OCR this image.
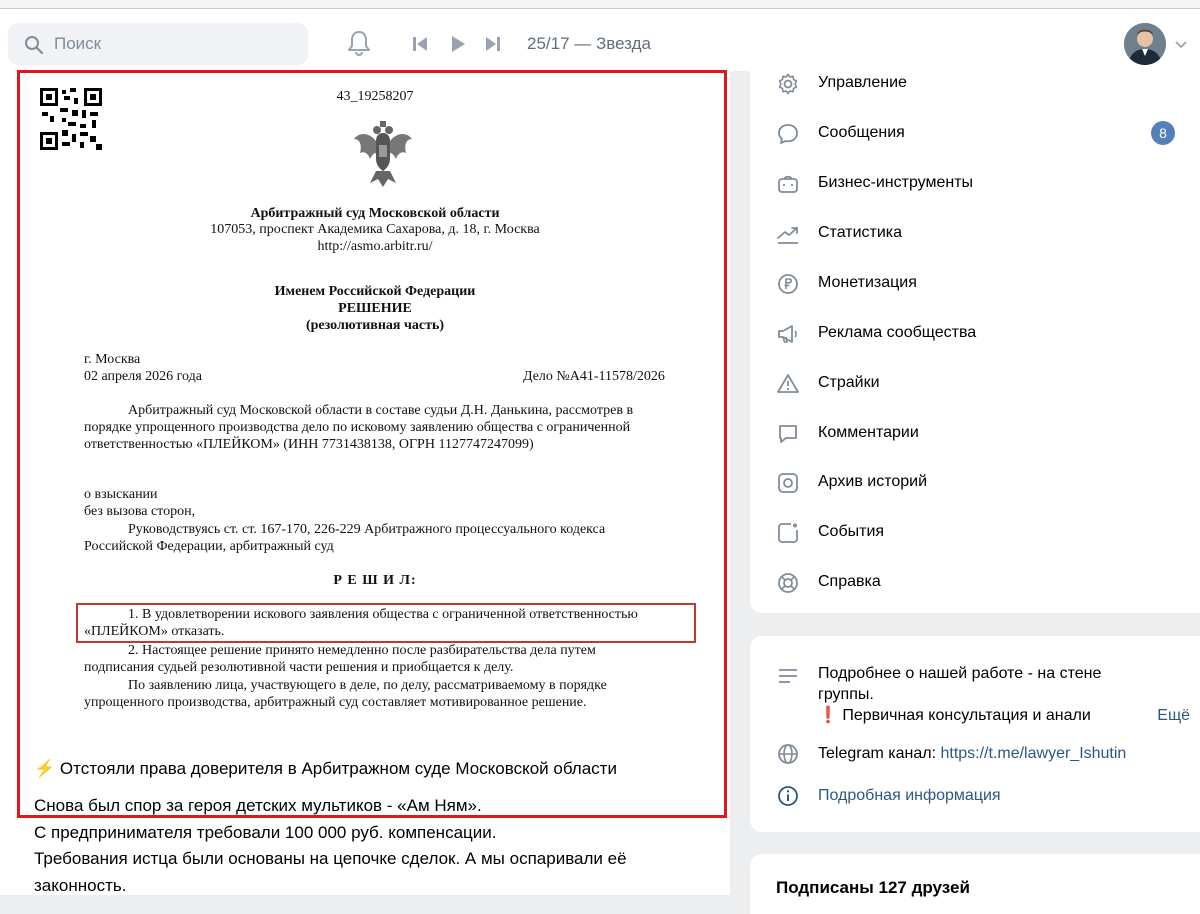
Поиск	25/17 — Звезда
43_19258207
Арбитражный суд Московской области
107053, проспект Академика Сахарова, д. 18, г. Москва
http://asmo.arbitr.ru/
Именем Российской Федерации
РЕШЕНИЕ
(резолютивная часть)
г. Москва
02 апреля 2026 года	Дело №А41-11578/2026
Арбитражный суд Московской области в составе судьи Д.Н. Данькина, рассмотрев в
порядке упрощенного производства дело по исковому заявлению общества с ограниченной
ответственностью «ПЛЕЙКОМ» (ИНН 7731438138, ОГРН 1127747247099)
о взыскании
без вызова сторон,
Руководствуясь ст. ст. 167-170, 226-229 Арбитражного процессуального кодекса
Российской Федерации, арбитражный суд
Р Е Ш И Л:
1. В удовлетворении искового заявления общества с ограниченной ответственностью
«ПЛЕЙКОМ» отказать.
2. Настоящее решение принято немедленно после разбирательства дела путем
подписания судьей резолютивной части решения и приобщается к делу.
По заявлению лица, участвующего в деле, по делу, рассматриваемому в порядке
упрощенного производства, арбитражный суд составляет мотивированное решение.
⚡ Отстояли права доверителя в Арбитражном суде Московской области
Снова был спор за героя детских мультиков - «Ам Ням».
С предпринимателя требовали 100 000 руб. компенсации.
Требования истца были основаны на цепочке сделок. А мы оспаривали её
законность.
Управление
Сообщения	8
Бизнес-инструменты
Статистика
Монетизация
Реклама сообщества
Страйки
Комментарии
Архив историй
События
Справка
Подробнее о нашей работе - на стене
группы.
❗ Первичная консультация и анали	Ещё
Telegram канал: https://t.me/lawyer_Ishutin
Подробная информация
Подписаны 127 друзей
